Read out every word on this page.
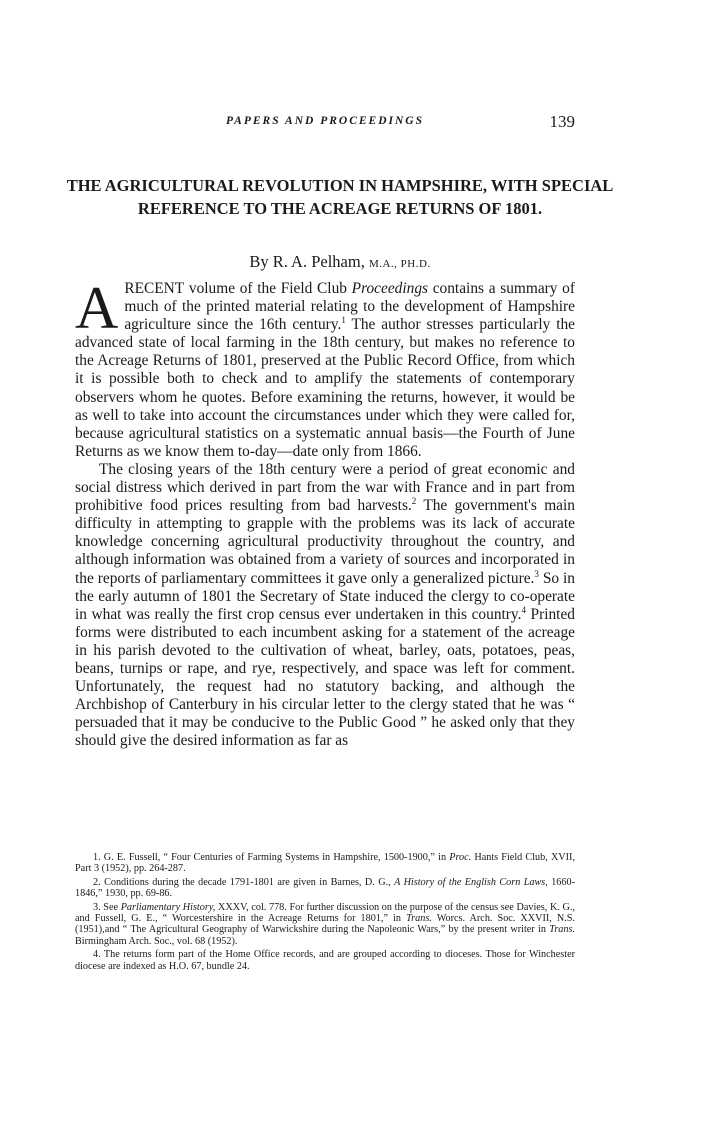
PAPERS AND PROCEEDINGS	139
THE AGRICULTURAL REVOLUTION IN HAMPSHIRE, WITH SPECIAL REFERENCE TO THE ACREAGE RETURNS OF 1801.

By R. A. Pelham, M.A., PH.D.

ARECENT volume of the Field Club Proceedings contains a summary of much of the printed material relating to the development of Hampshire agriculture since the 16th century.$^1$ The author stresses particularly the advanced state of local farming in the 18th century, but makes no reference to the Acreage Returns of 1801, preserved at the Public Record Office, from which it is possible both to check and to amplify the statements of contemporary observers whom he quotes. Before examining the returns, however, it would be as well to take into account the circumstances under which they were called for, because agricultural statistics on a systematic annual basis—the Fourth of June Returns as we know them to-day—date only from 1866.

The closing years of the 18th century were a period of great economic and social distress which derived in part from the war with France and in part from prohibitive food prices resulting from bad harvests.$^2$ The government's main difficulty in attempting to grapple with the problems was its lack of accurate knowledge concerning agricultural productivity throughout the country, and although information was obtained from a variety of sources and incorporated in the reports of parliamentary committees it gave only a generalized picture.$^3$ So in the early autumn of 1801 the Secretary of State induced the clergy to co-operate in what was really the first crop census ever undertaken in this country.$^4$ Printed forms were distributed to each incumbent asking for a statement of the acreage in his parish devoted to the cultivation of wheat, barley, oats, potatoes, peas, beans, turnips or rape, and rye, respectively, and space was left for comment. Unfortunately, the request had no statutory backing, and although the Archbishop of Canterbury in his circular letter to the clergy stated that he was “ persuaded that it may be conducive to the Public Good ” he asked only that they should give the desired information as far as

1. G. E. Fussell, “ Four Centuries of Farming Systems in Hampshire, 1500-1900,” in Proc. Hants Field Club, XVII, Part 3 (1952), pp. 264-287.

2. Conditions during the decade 1791-1801 are given in Barnes, D. G., A History of the English Corn Laws, 1660-1846,” 1930, pp. 69-86.

3. See Parliamentary History, XXXV, col. 778. For further discussion on the purpose of the census see Davies, K. G., and Fussell, G. E., “ Worcestershire in the Acreage Returns for 1801,” in Trans. Worcs. Arch. Soc. XXVII, N.S. (1951),and “ The Agricultural Geography of Warwickshire during the Napoleonic Wars,” by the present writer in Trans. Birmingham Arch. Soc., vol. 68 (1952).

4. The returns form part of the Home Office records, and are grouped according to dioceses. Those for Winchester diocese are indexed as H.O. 67, bundle 24.
